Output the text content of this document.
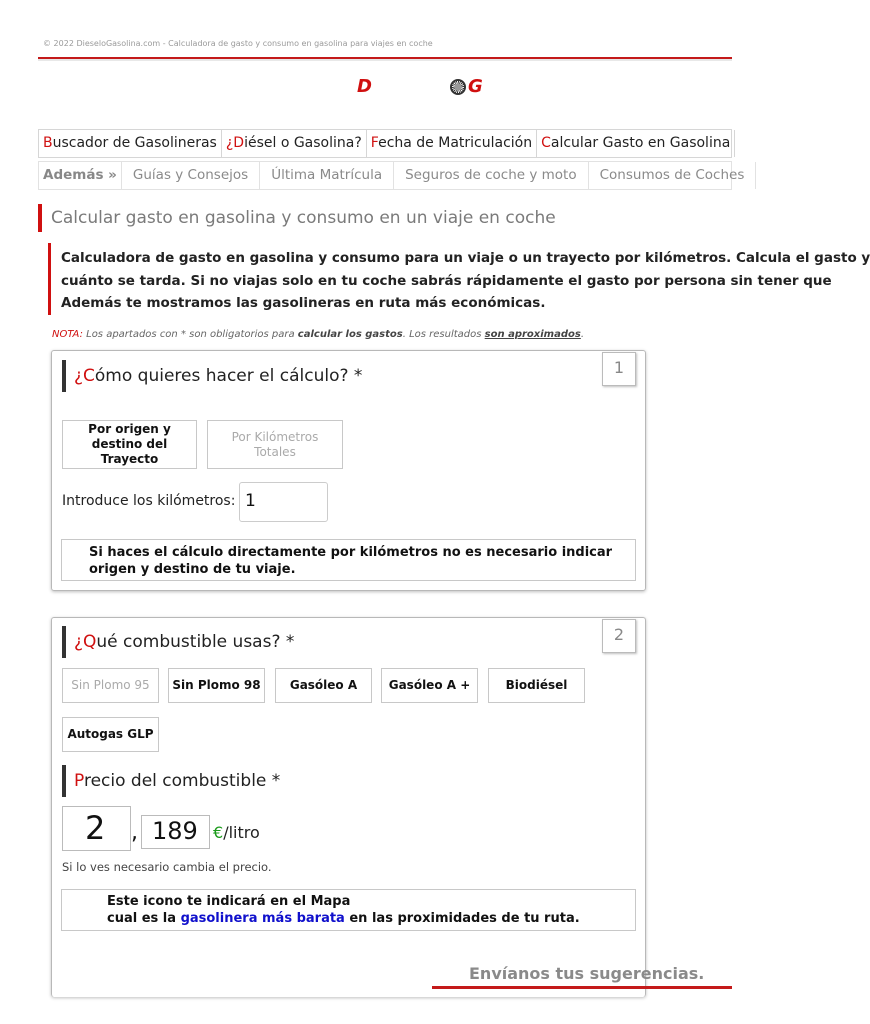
© 2022 DieseloGasolina.com - Calculadora de gasto y consumo en gasolina para viajes en coche
D	G
Buscador de Gasolineras ¿Diésel o Gasolina? Fecha de Matriculación Calcular Gasto en Gasolina
Además »	Guías y Consejos	Última Matrícula	Seguros de coche y moto	Consumos de Coches
Calcular gasto en gasolina y consumo en un viaje en coche

Calculadora de gasto en gasolina y consumo para un viaje o un trayecto por kilómetros. Calcula el gasto y

cuánto se tarda. Si no viajas solo en tu coche sabrás rápidamente el gasto por persona sin tener que

Además te mostramos las gasolineras en ruta más económicas.

NOTA: Los apartados con * son obligatorios para calcular los gastos. Los resultados son aproximados.
1
¿Cómo quieres hacer el cálculo? *
Por origen y destino del Trayecto
Por Kilómetros Totales
Introduce los kilómetros: 1
Si haces el cálculo directamente por kilómetros no es necesario indicar origen y destino de tu viaje.
2
¿Qué combustible usas? *
Sin Plomo 95	Sin Plomo 98	Gasóleo A	Gasóleo A +	Biodiésel
Autogas GLP
Precio del combustible *
2 , 189 €/litro
Si lo ves necesario cambia el precio.
Este icono te indicará en el Mapa
cual es la gasolinera más barata en las proximidades de tu ruta.
Envíanos tus sugerencias.
